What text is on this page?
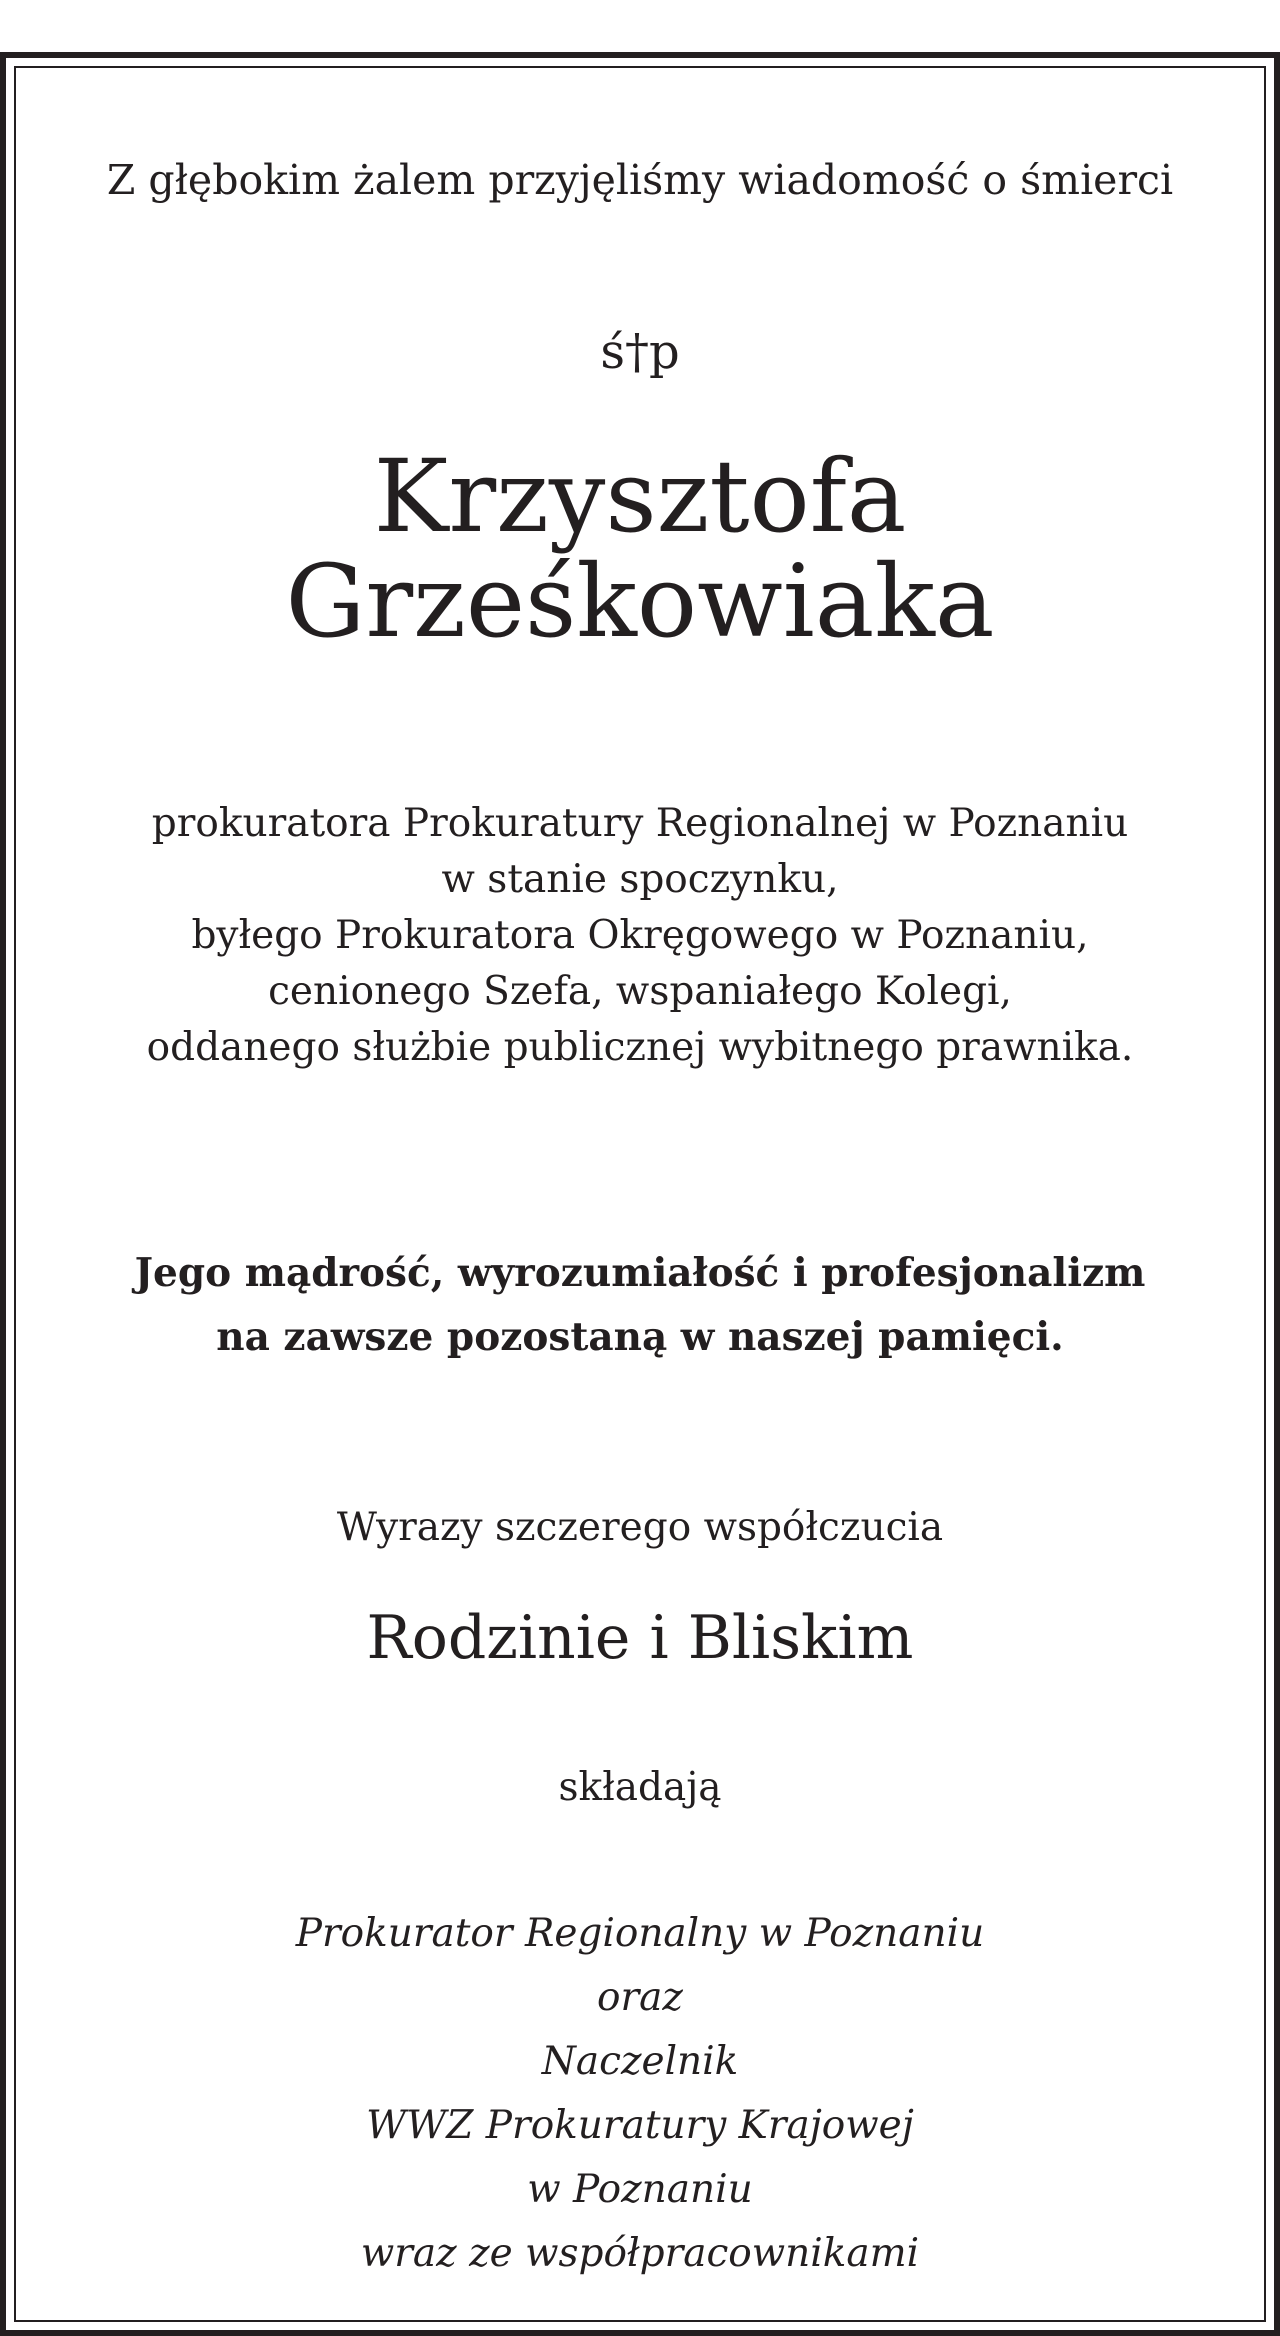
Z głębokim żalem przyjęliśmy wiadomość o śmierci
ś†p
Krzysztofa
Grześkowiaka
prokuratora Prokuratury Regionalnej w Poznaniu
w stanie spoczynku,
byłego Prokuratora Okręgowego w Poznaniu,
cenionego Szefa, wspaniałego Kolegi,
oddanego służbie publicznej wybitnego prawnika.
Jego mądrość, wyrozumiałość i profesjonalizm
na zawsze pozostaną w naszej pamięci.
Wyrazy szczerego współczucia
Rodzinie i Bliskim
składają
Prokurator Regionalny w Poznaniu
oraz
Naczelnik
WWZ Prokuratury Krajowej
w Poznaniu
wraz ze współpracownikami
